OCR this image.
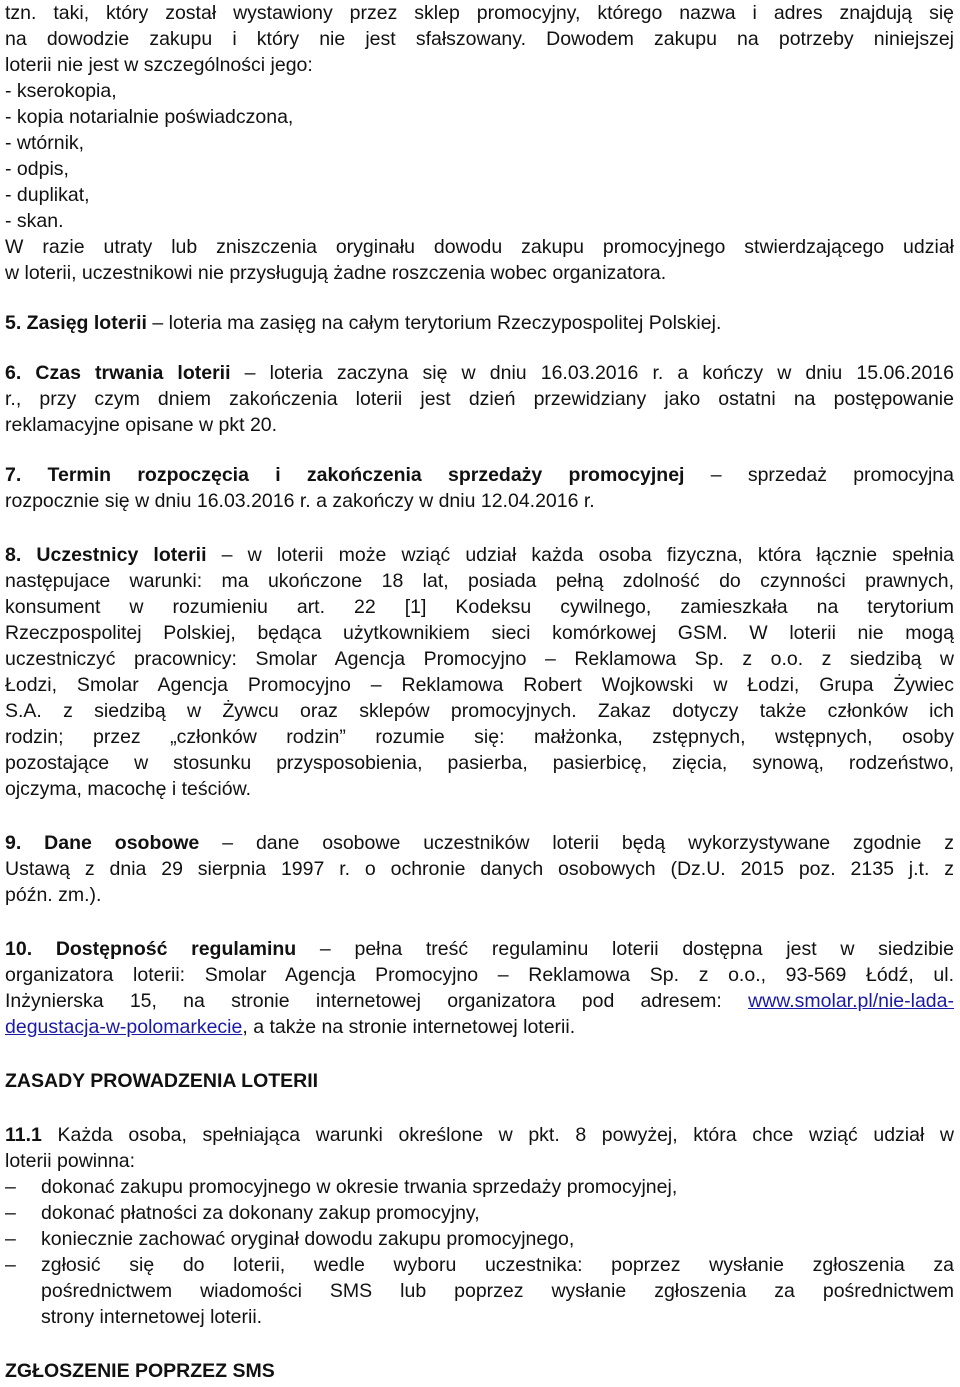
tzn. taki, który został wystawiony przez sklep promocyjny, którego nazwa i adres znajdują się
na dowodzie zakupu i który nie jest sfałszowany. Dowodem zakupu na potrzeby niniejszej
loterii nie jest w szczególności jego:
- kserokopia,
- kopia notarialnie poświadczona,
- wtórnik,
- odpis,
- duplikat,
- skan.
W razie utraty lub zniszczenia oryginału dowodu zakupu promocyjnego stwierdzającego udział
w loterii, uczestnikowi nie przysługują żadne roszczenia wobec organizatora.
5. Zasięg loterii – loteria ma zasięg na całym terytorium Rzeczypospolitej Polskiej.
6. Czas trwania loterii – loteria zaczyna się w dniu 16.03.2016 r. a kończy w dniu 15.06.2016
r., przy czym dniem zakończenia loterii jest dzień przewidziany jako ostatni na postępowanie
reklamacyjne opisane w pkt 20.
7. Termin rozpoczęcia i zakończenia sprzedaży promocyjnej – sprzedaż promocyjna
rozpocznie się w dniu 16.03.2016 r. a zakończy w dniu 12.04.2016 r.
8. Uczestnicy loterii – w loterii może wziąć udział każda osoba fizyczna, która łącznie spełnia
następujace warunki: ma ukończone 18 lat, posiada pełną zdolność do czynności prawnych,
konsument w rozumieniu art. 22 [1] Kodeksu cywilnego, zamieszkała na terytorium
Rzeczpospolitej Polskiej, będąca użytkownikiem sieci komórkowej GSM. W loterii nie mogą
uczestniczyć pracownicy: Smolar Agencja Promocyjno – Reklamowa Sp. z o.o. z siedzibą w
Łodzi, Smolar Agencja Promocyjno – Reklamowa Robert Wojkowski w Łodzi, Grupa Żywiec
S.A. z siedzibą w Żywcu oraz sklepów promocyjnych. Zakaz dotyczy także członków ich
rodzin; przez „członków rodzin” rozumie się: małżonka, zstępnych, wstępnych, osoby
pozostające w stosunku przysposobienia, pasierba, pasierbicę, zięcia, synową, rodzeństwo,
ojczyma, macochę i teściów.
9. Dane osobowe – dane osobowe uczestników loterii będą wykorzystywane zgodnie z
Ustawą z dnia 29 sierpnia 1997 r. o ochronie danych osobowych (Dz.U. 2015 poz. 2135 j.t. z
późn. zm.).
10. Dostępność regulaminu – pełna treść regulaminu loterii dostępna jest w siedzibie
organizatora loterii: Smolar Agencja Promocyjno – Reklamowa Sp. z o.o., 93-569 Łódź, ul.
Inżynierska 15, na stronie internetowej organizatora pod adresem: www.smolar.pl/nie-lada-
degustacja-w-polomarkecie, a także na stronie internetowej loterii.
ZASADY PROWADZENIA LOTERII
11.1 Każda osoba, spełniająca warunki określone w pkt. 8 powyżej, która chce wziąć udział w
loterii powinna:
–	dokonać zakupu promocyjnego w okresie trwania sprzedaży promocyjnej,
–	dokonać płatności za dokonany zakup promocyjny,
–	koniecznie zachować oryginał dowodu zakupu promocyjnego,
–	zgłosić się do loterii, wedle wyboru uczestnika: poprzez wysłanie zgłoszenia za
pośrednictwem wiadomości SMS lub poprzez wysłanie zgłoszenia za pośrednictwem
strony internetowej loterii.
ZGŁOSZENIE POPRZEZ SMS
